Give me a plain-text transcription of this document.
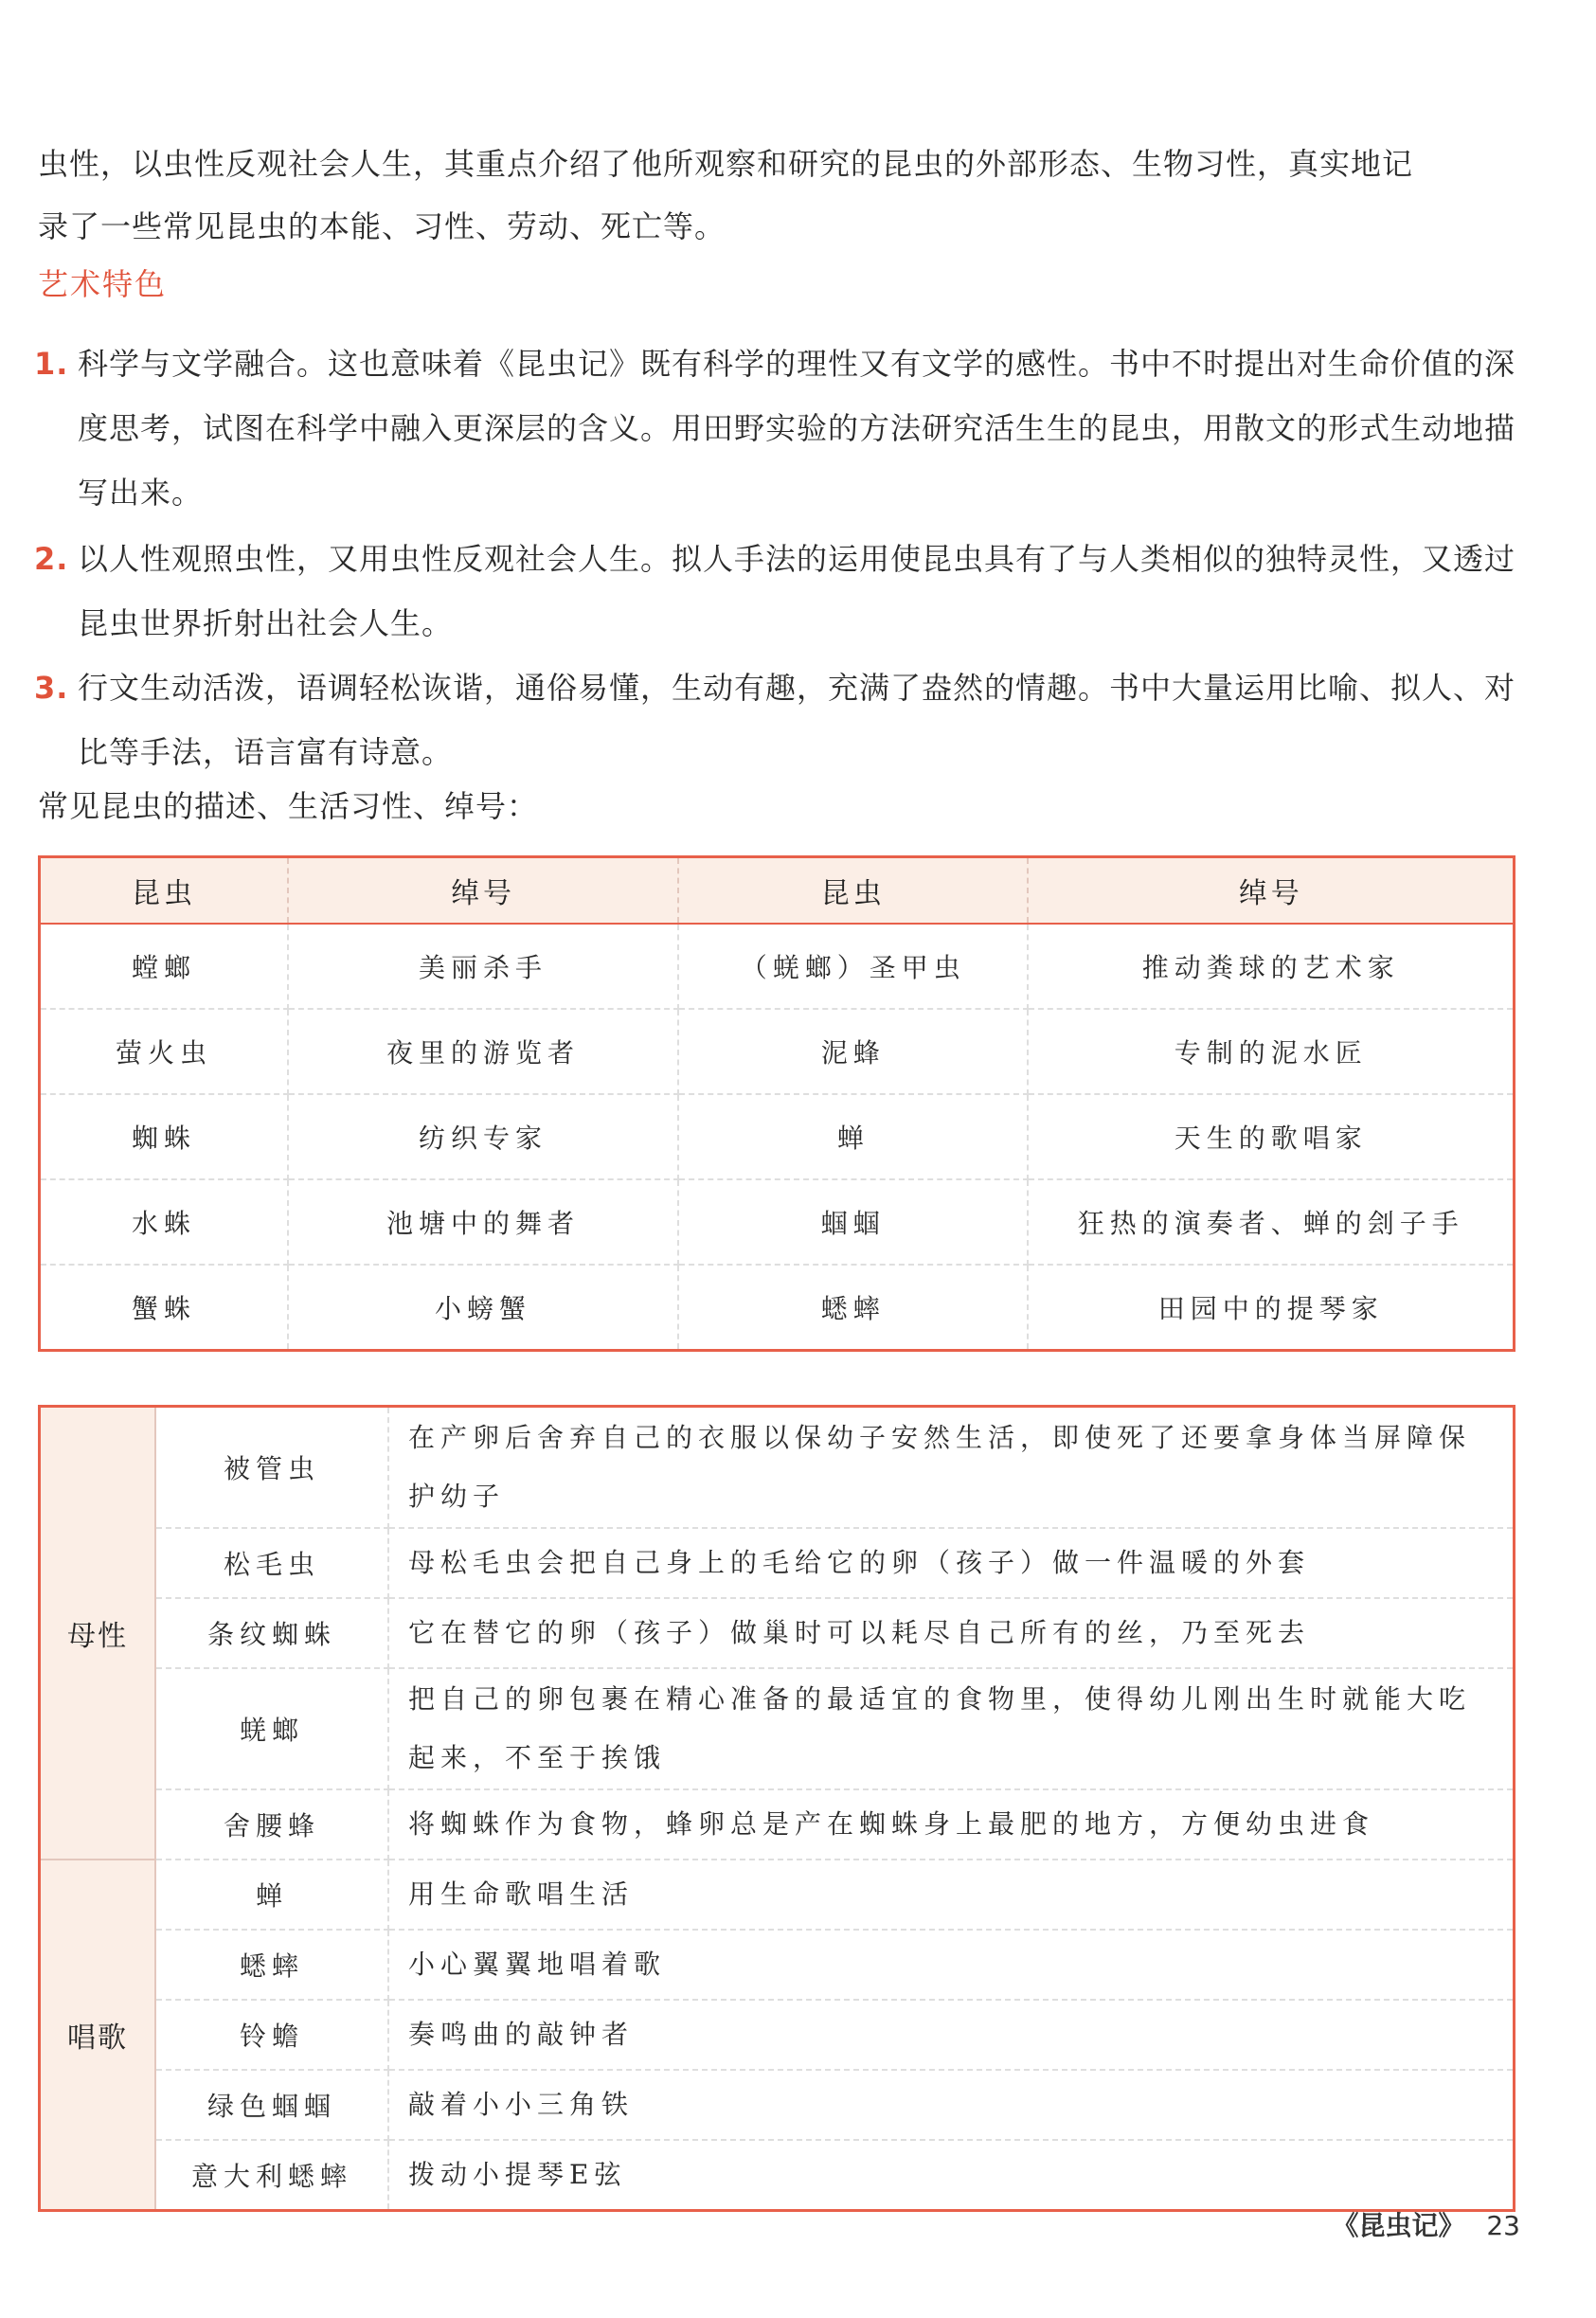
虫性，以虫性反观社会人生，其重点介绍了他所观察和研究的昆虫的外部形态、生物习性，真实地记
录了一些常见昆虫的本能、习性、劳动、死亡等。
艺术特色
1. 科学与文学融合。这也意味着《昆虫记》既有科学的理性又有文学的感性。书中不时提出对生命价值的深度思考，试图在科学中融入更深层的含义。用田野实验的方法研究活生生的昆虫，用散文的形式生动地描写出来。
2. 以人性观照虫性，又用虫性反观社会人生。拟人手法的运用使昆虫具有了与人类相似的独特灵性，又透过昆虫世界折射出社会人生。
3. 行文生动活泼，语调轻松诙谐，通俗易懂，生动有趣，充满了盎然的情趣。书中大量运用比喻、拟人、对比等手法，语言富有诗意。
常见昆虫的描述、生活习性、绰号：
昆虫	绰号	昆虫	绰号
螳螂	美丽杀手	（蜣螂）圣甲虫	推动粪球的艺术家
萤火虫	夜里的游览者	泥蜂	专制的泥水匠
蜘蛛	纺织专家	蝉	天生的歌唱家
水蛛	池塘中的舞者	蝈蝈	狂热的演奏者、蝉的刽子手
蟹蛛	小螃蟹	蟋蟀	田园中的提琴家
母性	被管虫	在产卵后舍弃自己的衣服以保幼子安然生活，即使死了还要拿身体当屏障保护幼子
	松毛虫	母松毛虫会把自己身上的毛给它的卵（孩子）做一件温暖的外套
	条纹蜘蛛	它在替它的卵（孩子）做巢时可以耗尽自己所有的丝，乃至死去
	蜣螂	把自己的卵包裹在精心准备的最适宜的食物里，使得幼儿刚出生时就能大吃起来，不至于挨饿
	舍腰蜂	将蜘蛛作为食物，蜂卵总是产在蜘蛛身上最肥的地方，方便幼虫进食
唱歌	蝉	用生命歌唱生活
	蟋蟀	小心翼翼地唱着歌
	铃蟾	奏鸣曲的敲钟者
	绿色蝈蝈	敲着小小三角铁
	意大利蟋蟀	拨动小提琴E弦
《昆虫记》 23
